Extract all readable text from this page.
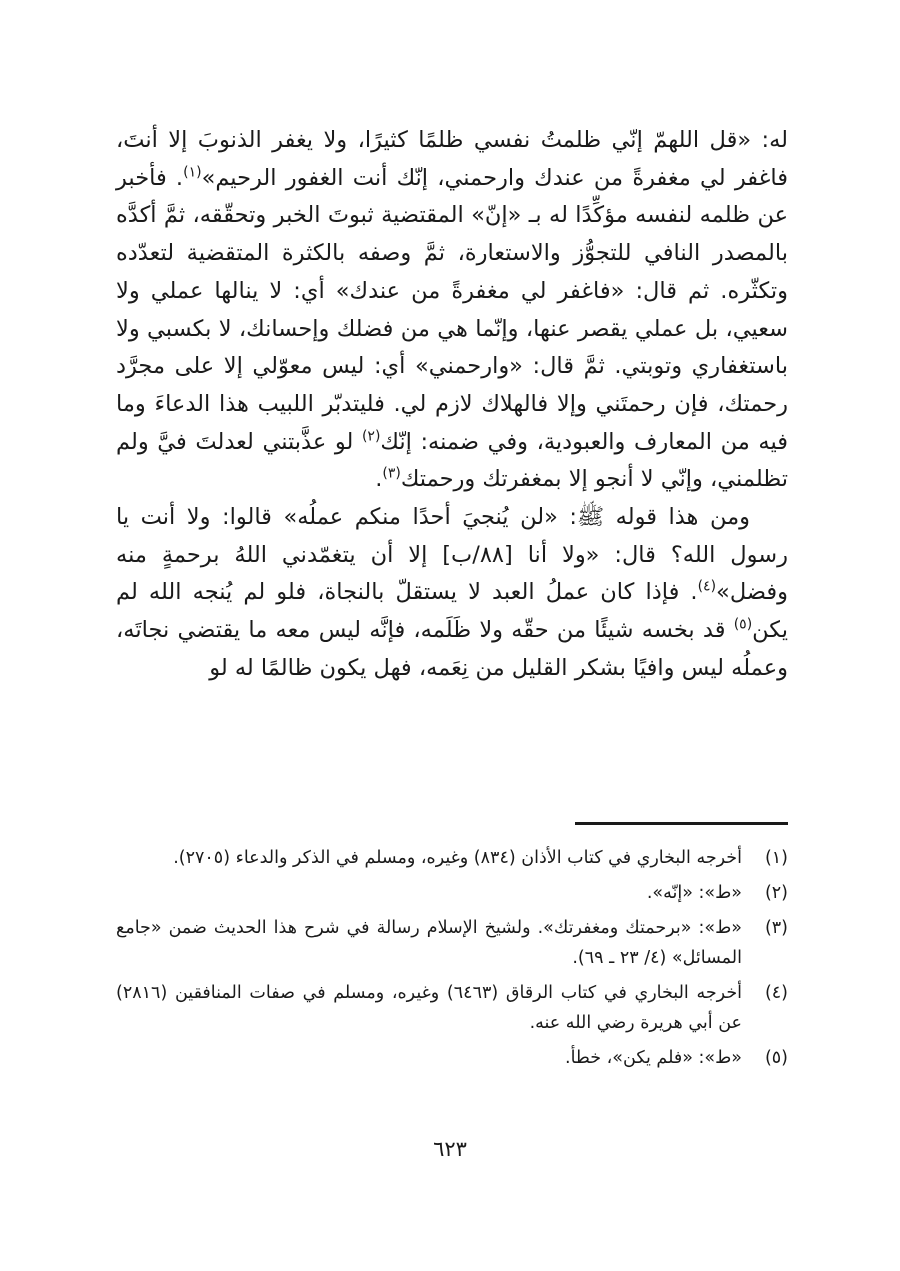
له: «قل اللهمّ إنّي ظلمتُ نفسي ظلمًا كثيرًا، ولا يغفر الذنوبَ إلا أنتَ، فاغفر لي مغفرةً من عندك وارحمني، إنّك أنت الغفور الرحيم»$^{(١)}$. فأخبر عن ظلمه لنفسه مؤكِّدًا له بـ «إنّ» المقتضية ثبوتَ الخبر وتحقّقه، ثمَّ أكدَّه بالمصدر النافي للتجوُّز والاستعارة، ثمَّ وصفه بالكثرة المتقضية لتعدّده وتكثّره. ثم قال: «فاغفر لي مغفرةً من عندك» أي: لا ينالها عملي ولا سعيي، بل عملي يقصر عنها، وإنّما هي من فضلك وإحسانك، لا بكسبي ولا باستغفاري وتوبتي. ثمَّ قال: «وارحمني» أي: ليس معوّلي إلا على مجرَّد رحمتك، فإن رحمتَني وإلا فالهلاك لازم لي. فليتدبّر اللبيب هذا الدعاءَ وما فيه من المعارف والعبودية، وفي ضمنه: إنّك$^{(٢)}$ لو عذَّبتني لعدلتَ فيَّ ولم تظلمني، وإنّي لا أنجو إلا بمغفرتك ورحمتك$^{(٣)}$.

ومن هذا قوله ﷺ: «لن يُنجيَ أحدًا منكم عملُه» قالوا: ولا أنت يا رسول الله؟ قال: «ولا أنا [٨٨/ب] إلا أن يتغمّدني اللهُ برحمةٍ منه وفضل»$^{(٤)}$. فإذا كان عملُ العبد لا يستقلّ بالنجاة، فلو لم يُنجه الله لم يكن$^{(٥)}$ قد بخسه شيئًا من حقّه ولا ظَلَمه، فإنَّه ليس معه ما يقتضي نجاتَه، وعملُه ليس وافيًا بشكر القليل من نِعَمه، فهل يكون ظالمًا له لو

(١)
أخرجه البخاري في كتاب الأذان (٨٣٤) وغيره، ومسلم في الذكر والدعاء (٢٧٠٥).
(٢)
«ط»: «إنّه».
(٣)
«ط»: «برحمتك ومغفرتك». ولشيخ الإسلام رسالة في شرح هذا الحديث ضمن «جامع المسائل» (٤/ ٢٣ ـ ٦٩).
(٤)
أخرجه البخاري في كتاب الرقاق (٦٤٦٣) وغيره، ومسلم في صفات المنافقين (٢٨١٦) عن أبي هريرة رضي الله عنه.
(٥)
«ط»: «فلم يكن»، خطأ.
٦٢٣
